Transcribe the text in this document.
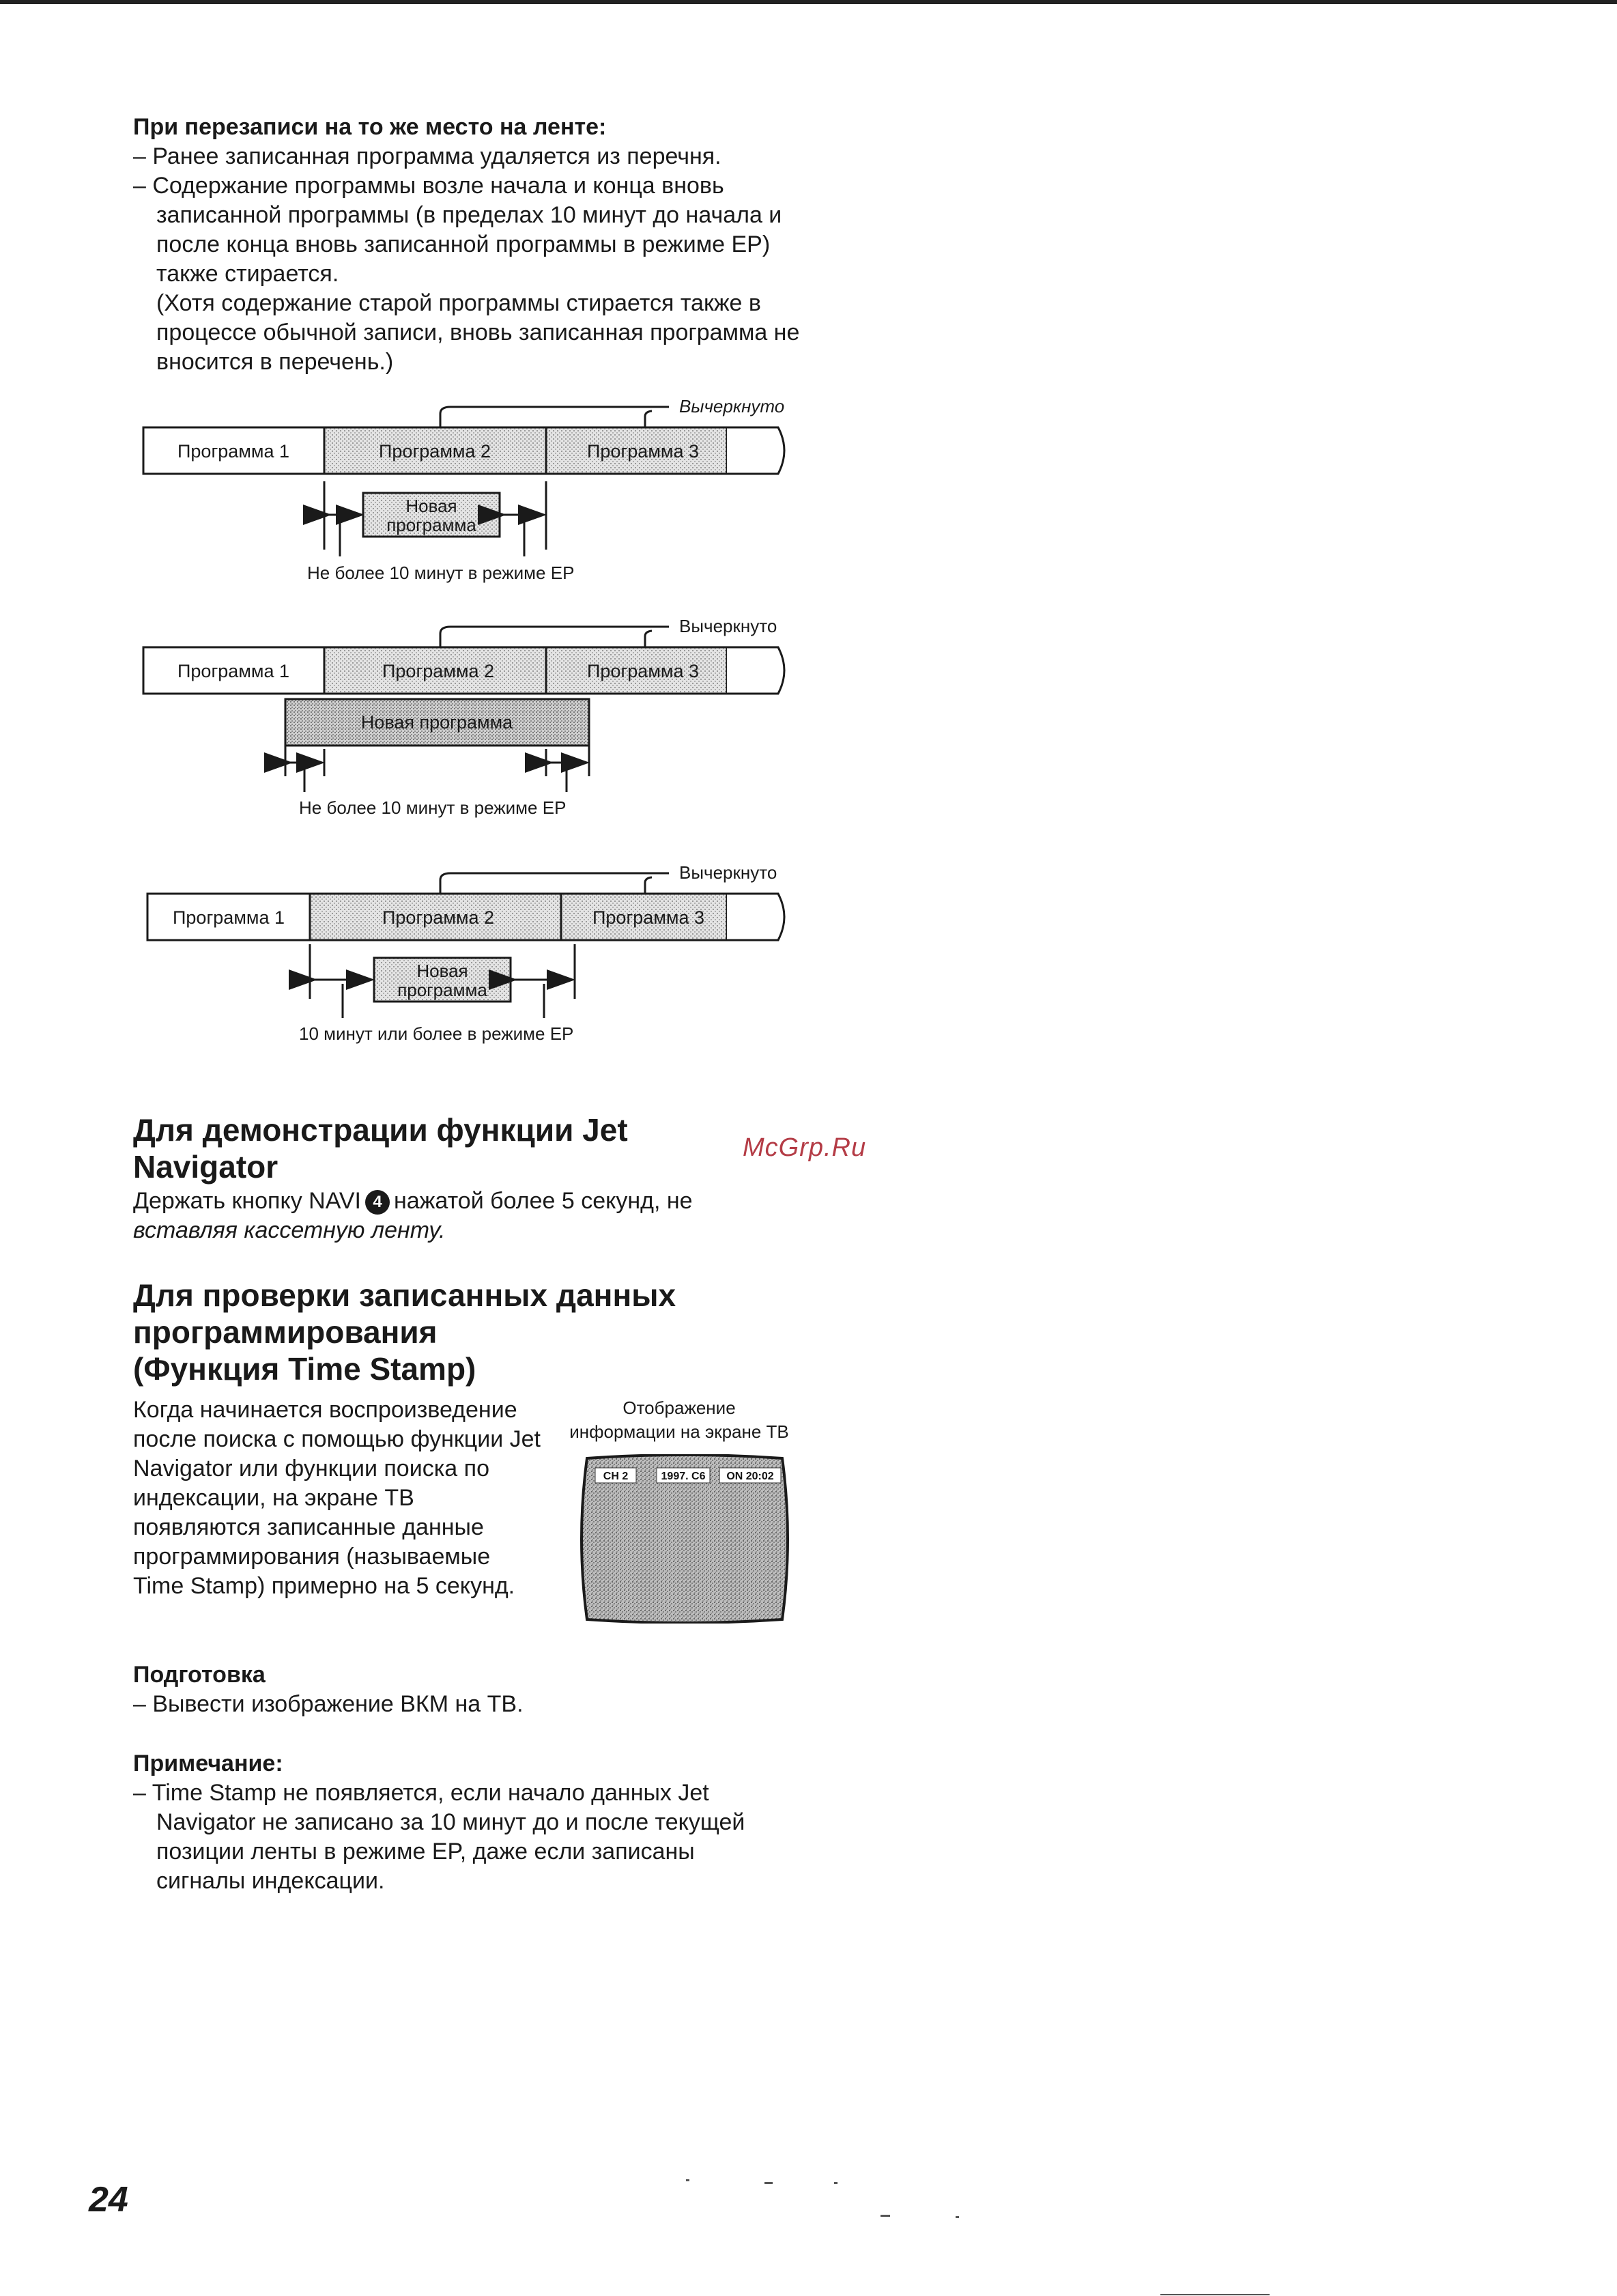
При перезаписи на то же место на ленте:
– Ранее записанная программа удаляется из перечня.
– Содержание программы возле начала и конца вновь записанной программы (в пределах 10 минут до начала и после конца вновь записанной программы в режиме EP) также стирается.
(Хотя содержание старой программы стирается также в процессе обычной записи, вновь записанная программа не вносится в перечень.)
Вычеркнуто
Программа 1	Программа 2	Программа 3
Новая
программа
Не более 10 минут в режиме EP
Вычеркнуто
Программа 1	Программа 2	Программа 3
Новая программа
Не более 10 минут в режиме EP
Вычеркнуто
Программа 1	Программа 2	Программа 3
Новая
программа
10 минут или более в режиме EP
Для демонстрации функции Jet Navigator
Держать кнопку NAVI 4 нажатой более 5 секунд, не
вставляя кассетную ленту.
McGrp.Ru
Для проверки записанных данных
программирования
(Функция Time Stamp)
Когда начинается воспроизведение после поиска с помощью функции Jet Navigator или функции поиска по индексации, на экране ТВ появляются записанные данные программирования (называемые Time Stamp) примерно на 5 секунд.
Отображение
информации на экране ТВ
CH 2	1997. C6 ON 20:02
Подготовка
– Вывести изображение ВКМ на ТВ.
Примечание:
– Time Stamp не появляется, если начало данных Jet Navigator не записано за 10 минут до и после текущей позиции ленты в режиме EP, даже если записаны сигналы индексации.
24
